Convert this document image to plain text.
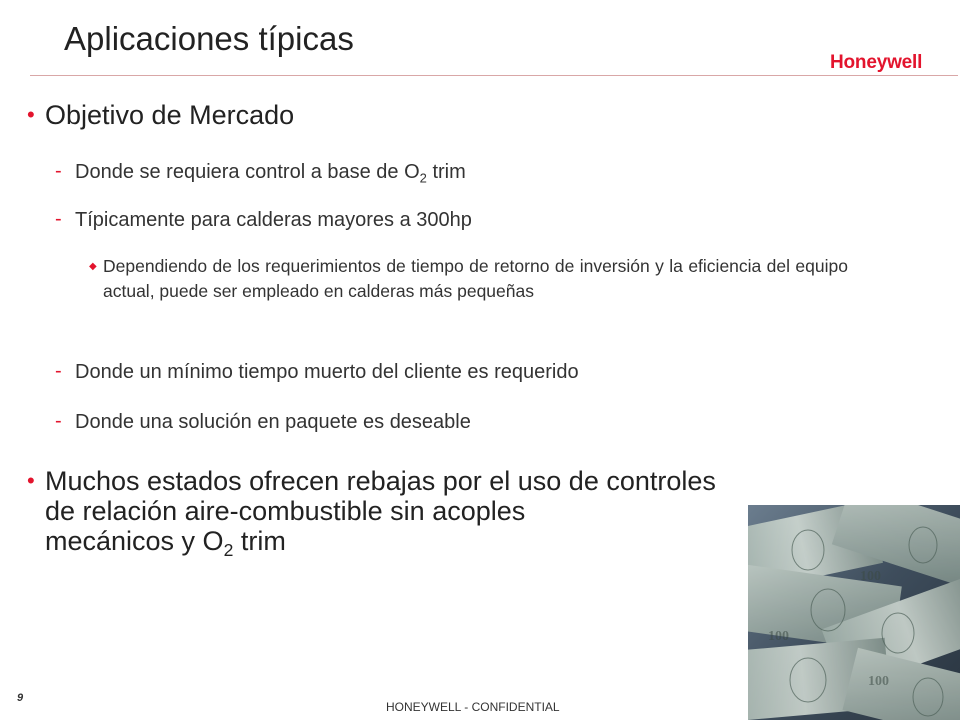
Aplicaciones típicas
Honeywell
• Objetivo de Mercado
- Donde se requiera control a base de $O_2$ trim
- Típicamente para calderas mayores a 300hp
◆ Dependiendo de los requerimientos de tiempo de retorno de inversión y la eficiencia del equipo actual, puede ser empleado en calderas más pequeñas
- Donde un mínimo tiempo muerto del cliente es requerido
- Donde una solución en paquete es deseable
• Muchos estados ofrecen rebajas por el uso de controles
de relación aire-combustible sin acoples
mecánicos y $O_2$ trim
100
100
100
9
HONEYWELL - CONFIDENTIAL
